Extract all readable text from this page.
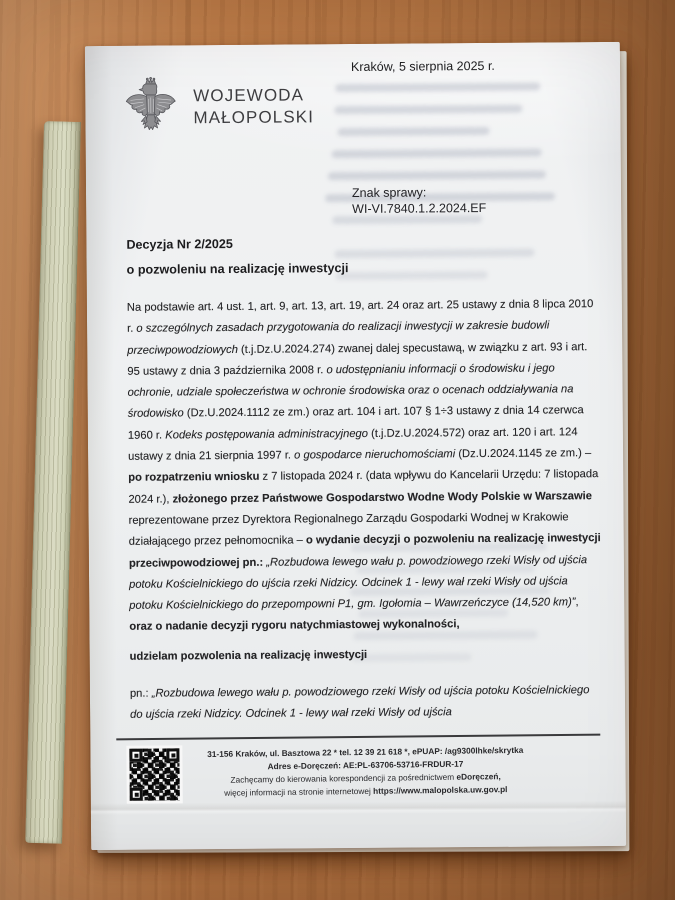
Kraków, 5 sierpnia 2025 r.
WOJEWODA
MAŁOPOLSKI
Znak sprawy:
WI-VI.7840.1.2.2024.EF
Decyzja Nr 2/2025
o pozwoleniu na realizację inwestycji

Na podstawie art. 4 ust. 1, art. 9, art. 13, art. 19, art. 24 oraz art. 25 ustawy z dnia 8 lipca 2010 r. o szczególnych zasadach przygotowania do realizacji inwestycji w zakresie budowli przeciwpowodziowych (t.j.Dz.U.2024.274) zwanej dalej specustawą, w związku z art. 93 i art. 95 ustawy z dnia 3 października 2008 r. o udostępnianiu informacji o środowisku i jego ochronie, udziale społeczeństwa w ochronie środowiska oraz o ocenach oddziaływania na środowisko (Dz.U.2024.1112 ze zm.) oraz art. 104 i art. 107 § 1÷3 ustawy z dnia 14 czerwca 1960 r. Kodeks postępowania administracyjnego (t.j.Dz.U.2024.572) oraz art. 120 i art. 124 ustawy z dnia 21 sierpnia 1997 r. o gospodarce nieruchomościami (Dz.U.2024.1145 ze zm.) – po rozpatrzeniu wniosku z 7 listopada 2024 r. (data wpływu do Kancelarii Urzędu: 7 listopada 2024 r.), złożonego przez Państwowe Gospodarstwo Wodne Wody Polskie w Warszawie reprezentowane przez Dyrektora Regionalnego Zarządu Gospodarki Wodnej w Krakowie działającego przez pełnomocnika – o wydanie decyzji o pozwoleniu na realizację inwestycji przeciwpowodziowej pn.: „Rozbudowa lewego wału p. powodziowego rzeki Wisły od ujścia potoku Kościelnickiego do ujścia rzeki Nidzicy. Odcinek 1 - lewy wał rzeki Wisły od ujścia potoku Kościelnickiego do przepompowni P1, gm. Igołomia – Wawrzeńczyce (14,520 km)”, oraz o nadanie decyzji rygoru natychmiastowej wykonalności,

udzielam pozwolenia na realizację inwestycji

pn.: „Rozbudowa lewego wału p. powodziowego rzeki Wisły od ujścia potoku Kościelnickiego do ujścia rzeki Nidzicy. Odcinek 1 - lewy wał rzeki Wisły od ujścia

31-156 Kraków, ul. Basztowa 22 * tel. 12 39 21 618 *, ePUAP: /ag9300lhke/skrytka
Adres e-Doręczeń: AE:PL-63706-53716-FRDUR-17
Zachęcamy do kierowania korespondencji za pośrednictwem eDoręczeń,
więcej informacji na stronie internetowej https://www.malopolska.uw.gov.pl
